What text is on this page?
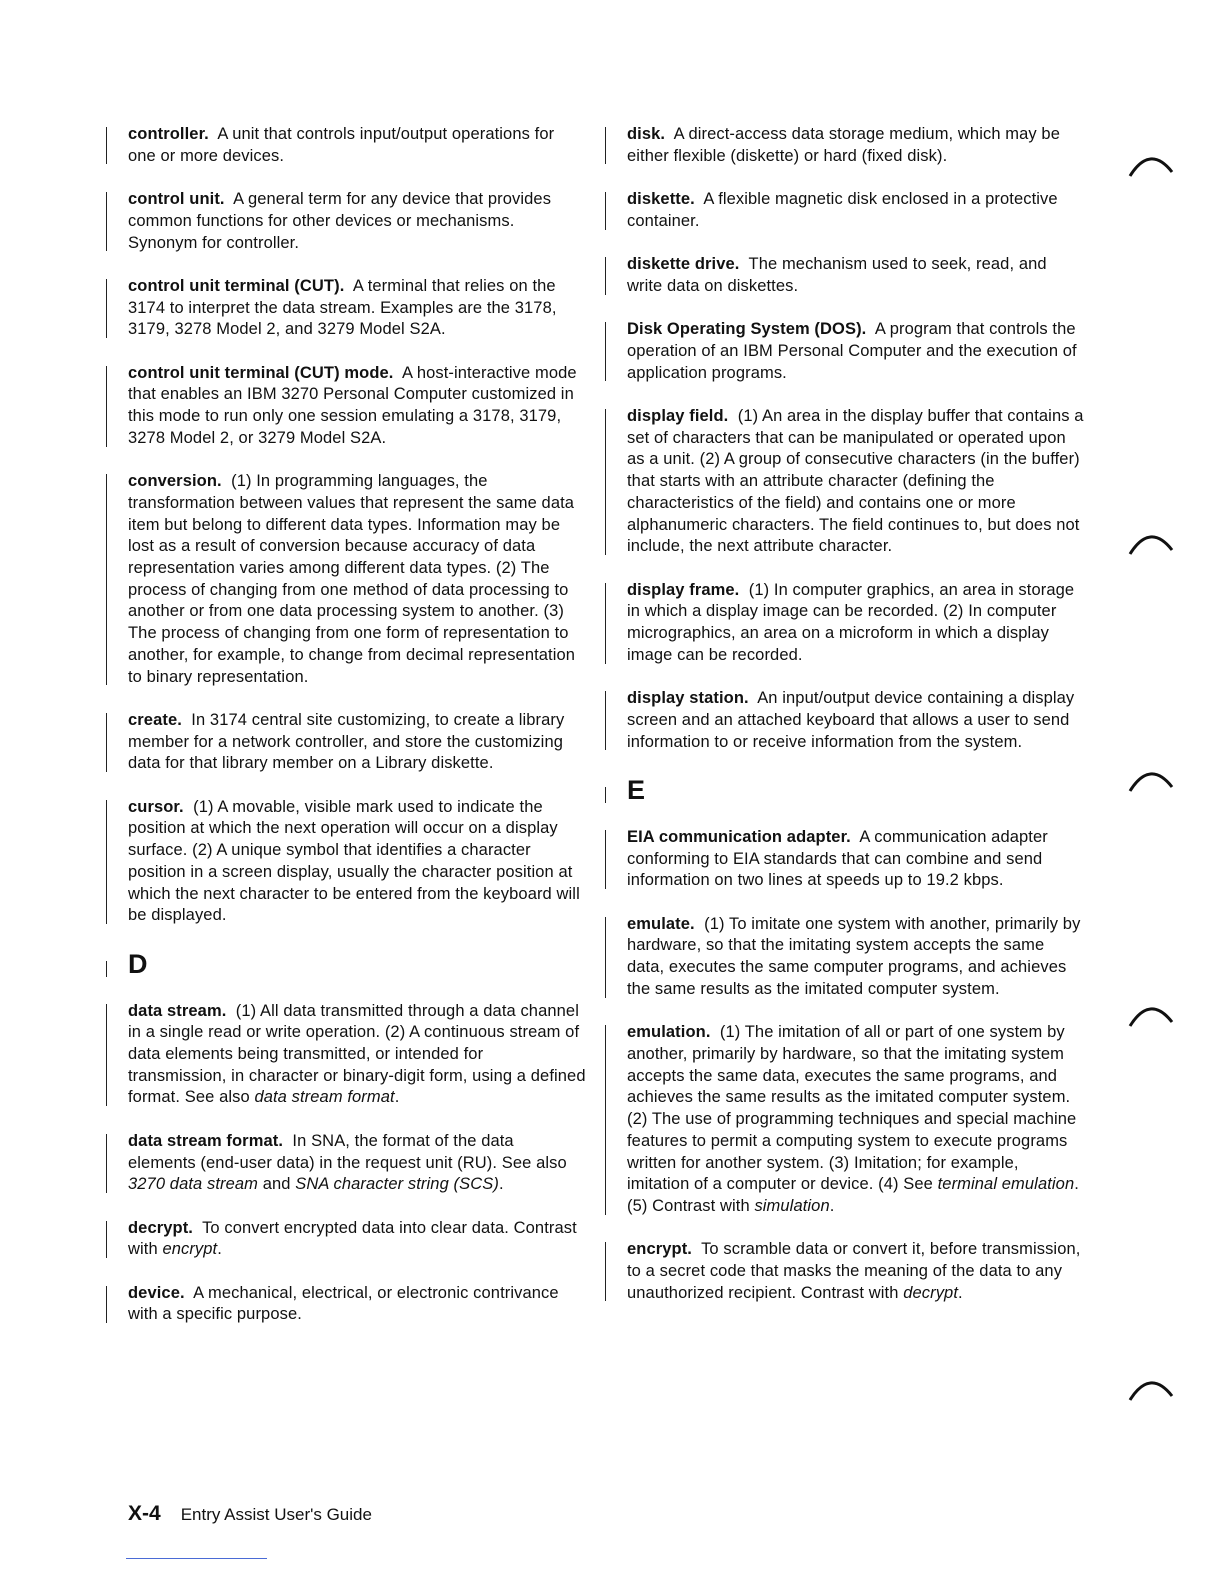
controller. A unit that controls input/output operations for one or more devices.
control unit. A general term for any device that provides common functions for other devices or mechanisms. Synonym for controller.
control unit terminal (CUT). A terminal that relies on the 3174 to interpret the data stream. Examples are the 3178, 3179, 3278 Model 2, and 3279 Model S2A.
control unit terminal (CUT) mode. A host-interactive mode that enables an IBM 3270 Personal Computer customized in this mode to run only one session emulating a 3178, 3179, 3278 Model 2, or 3279 Model S2A.
conversion. (1) In programming languages, the transformation between values that represent the same data item but belong to different data types. Information may be lost as a result of conversion because accuracy of data representation varies among different data types. (2) The process of changing from one method of data processing to another or from one data processing system to another. (3) The process of changing from one form of representation to another, for example, to change from decimal representation to binary representation.
create. In 3174 central site customizing, to create a library member for a network controller, and store the customizing data for that library member on a Library diskette.
cursor. (1) A movable, visible mark used to indicate the position at which the next operation will occur on a display surface. (2) A unique symbol that identifies a character position in a screen display, usually the character position at which the next character to be entered from the keyboard will be displayed.
D
data stream. (1) All data transmitted through a data channel in a single read or write operation. (2) A continuous stream of data elements being transmitted, or intended for transmission, in character or binary-digit form, using a defined format. See also data stream format.
data stream format. In SNA, the format of the data elements (end-user data) in the request unit (RU). See also 3270 data stream and SNA character string (SCS).
decrypt. To convert encrypted data into clear data. Contrast with encrypt.
device. A mechanical, electrical, or electronic contrivance with a specific purpose.
disk. A direct-access data storage medium, which may be either flexible (diskette) or hard (fixed disk).
diskette. A flexible magnetic disk enclosed in a protective container.
diskette drive. The mechanism used to seek, read, and write data on diskettes.
Disk Operating System (DOS). A program that controls the operation of an IBM Personal Computer and the execution of application programs.
display field. (1) An area in the display buffer that contains a set of characters that can be manipulated or operated upon as a unit. (2) A group of consecutive characters (in the buffer) that starts with an attribute character (defining the characteristics of the field) and contains one or more alphanumeric characters. The field continues to, but does not include, the next attribute character.
display frame. (1) In computer graphics, an area in storage in which a display image can be recorded. (2) In computer micrographics, an area on a microform in which a display image can be recorded.
display station. An input/output device containing a display screen and an attached keyboard that allows a user to send information to or receive information from the system.
E
EIA communication adapter. A communication adapter conforming to EIA standards that can combine and send information on two lines at speeds up to 19.2 kbps.
emulate. (1) To imitate one system with another, primarily by hardware, so that the imitating system accepts the same data, executes the same computer programs, and achieves the same results as the imitated computer system.
emulation. (1) The imitation of all or part of one system by another, primarily by hardware, so that the imitating system accepts the same data, executes the same programs, and achieves the same results as the imitated computer system. (2) The use of programming techniques and special machine features to permit a computing system to execute programs written for another system. (3) Imitation; for example, imitation of a computer or device. (4) See terminal emulation. (5) Contrast with simulation.
encrypt. To scramble data or convert it, before transmission, to a secret code that masks the meaning of the data to any unauthorized recipient. Contrast with decrypt.
X-4 Entry Assist User's Guide
